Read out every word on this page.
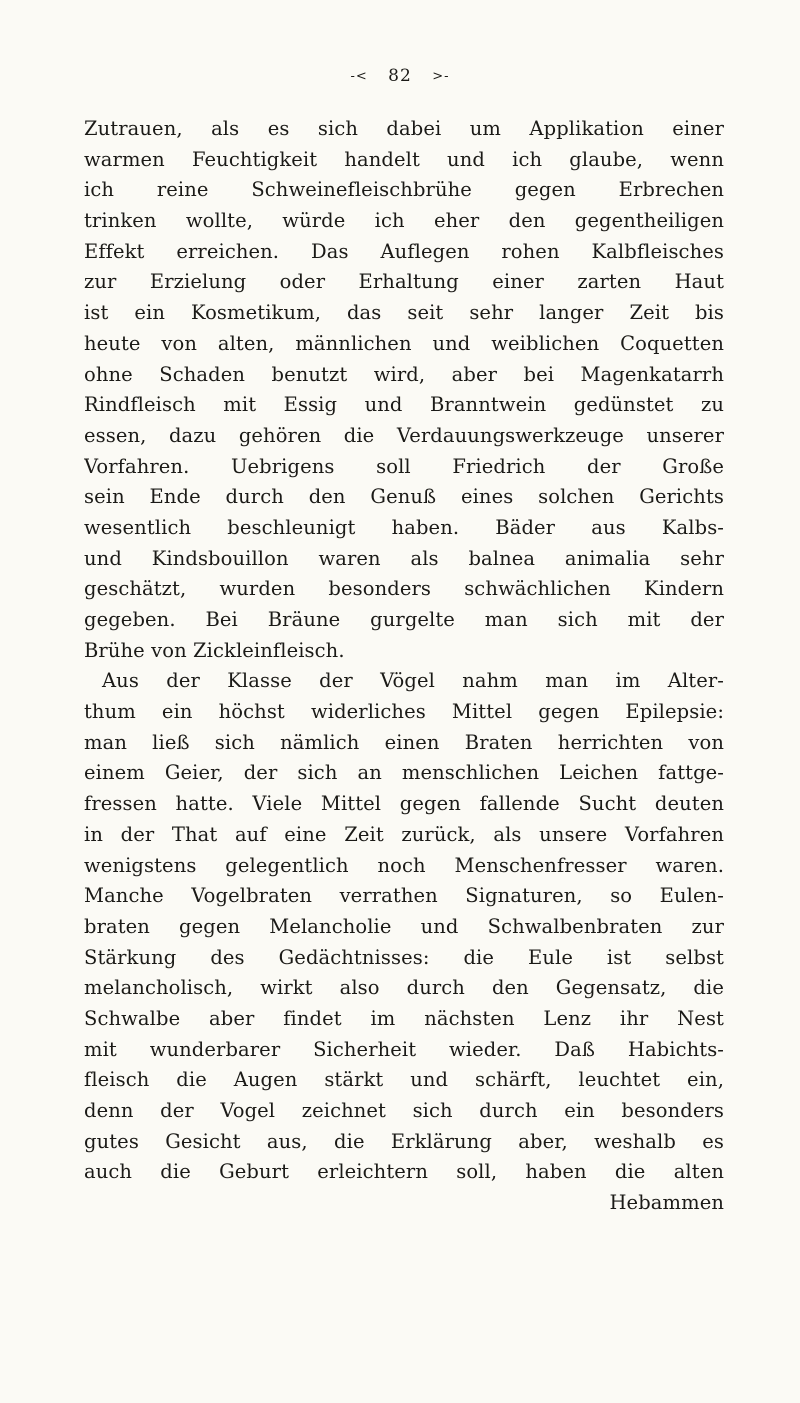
-< 82 >-
Zutrauen, als es sich dabei um Applikation einer
warmen Feuchtigkeit handelt und ich glaube, wenn
ich reine Schweinefleischbrühe gegen Erbrechen
trinken wollte, würde ich eher den gegentheiligen
Effekt erreichen. Das Auflegen rohen Kalbfleisches
zur Erzielung oder Erhaltung einer zarten Haut
ist ein Kosmetikum, das seit sehr langer Zeit bis
heute von alten, männlichen und weiblichen Coquetten
ohne Schaden benutzt wird, aber bei Magenkatarrh
Rindfleisch mit Essig und Branntwein gedünstet zu
essen, dazu gehören die Verdauungswerkzeuge unserer
Vorfahren. Uebrigens soll Friedrich der Große
sein Ende durch den Genuß eines solchen Gerichts
wesentlich beschleunigt haben. Bäder aus Kalbs-
und Kindsbouillon waren als balnea animalia sehr
geschätzt, wurden besonders schwächlichen Kindern
gegeben. Bei Bräune gurgelte man sich mit der
Brühe von Zickleinfleisch.
Aus der Klasse der Vögel nahm man im Alter-
thum ein höchst widerliches Mittel gegen Epilepsie:
man ließ sich nämlich einen Braten herrichten von
einem Geier, der sich an menschlichen Leichen fattge-
fressen hatte. Viele Mittel gegen fallende Sucht deuten
in der That auf eine Zeit zurück, als unsere Vorfahren
wenigstens gelegentlich noch Menschenfresser waren.
Manche Vogelbraten verrathen Signaturen, so Eulen-
braten gegen Melancholie und Schwalbenbraten zur
Stärkung des Gedächtnisses: die Eule ist selbst
melancholisch, wirkt also durch den Gegensatz, die
Schwalbe aber findet im nächsten Lenz ihr Nest
mit wunderbarer Sicherheit wieder. Daß Habichts-
fleisch die Augen stärkt und schärft, leuchtet ein,
denn der Vogel zeichnet sich durch ein besonders
gutes Gesicht aus, die Erklärung aber, weshalb es
auch die Geburt erleichtern soll, haben die alten
Hebammen
